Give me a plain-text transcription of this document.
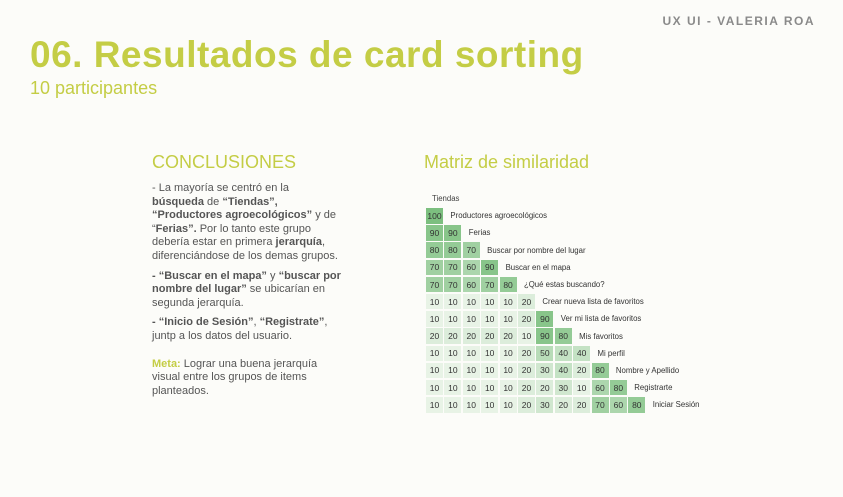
UX UI - VALERIA ROA
06. Resultados de card sorting
10 participantes
CONCLUSIONES

- La mayoría se centró en la búsqueda de “Tiendas”, “Productores agroecológicos” y de “Ferias”. Por lo tanto este grupo debería estar en primera jerarquía, diferenciándose de los demas grupos.

- “Buscar en el mapa” y “buscar por nombre del lugar” se ubicarían en segunda jerarquía.

- “Inicio de Sesión”, “Registrate”, juntp a los datos del usuario.

Meta: Lograr una buena jerarquía visual entre los grupos de items planteados.

Matriz de similaridad
Tiendas
100 Productores agroecológicos
90	90	Ferias
80	80	70	Buscar por nombre del lugar
70	70	60	90	Buscar en el mapa
70	70	60	70	80	¿Qué estas buscando?
10	10	10	10	10	20	Crear nueva lista de favoritos
10	10	10	10	10	20	90	Ver mi lista de favoritos
20	20	20	20	20	10	90	80	Mis favoritos
10	10	10	10	10	20	50	40	40	Mi perfil
10	10	10	10	10	20	30	40	20	80	Nombre y Apellido
10	10	10	10	10	20	20	30	10	60	80	Registrarte
10	10	10	10	10	20	30	20	20	70	60	80	Iniciar Sesión
